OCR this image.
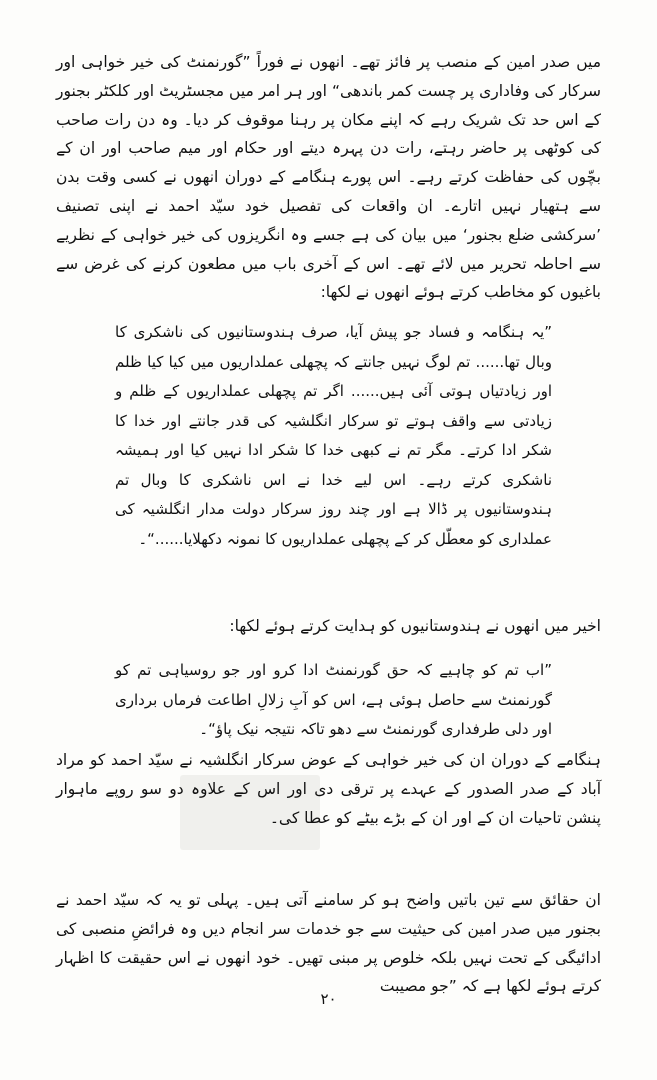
میں صدر امین کے منصب پر فائز تھے۔ انھوں نے فوراً ”گورنمنٹ کی خیر خواہی اور سرکار کی وفاداری پر چست کمر باندھی“ اور ہر امر میں مجسٹریٹ اور کلکٹر بجنور کے اس حد تک شریک رہے کہ اپنے مکان پر رہنا موقوف کر دیا۔ وہ دن رات صاحب کی کوٹھی پر حاضر رہتے، رات دن پہرہ دیتے اور حکام اور میم صاحب اور ان کے بچّوں کی حفاظت کرتے رہے۔ اس پورے ہنگامے کے دوران انھوں نے کسی وقت بدن سے ہتھیار نہیں اتارے۔ ان واقعات کی تفصیل خود سیّد احمد نے اپنی تصنیف ’سرکشی ضلع بجنور‘ میں بیان کی ہے جسے وہ انگریزوں کی خیر خواہی کے نظریے سے احاطہ تحریر میں لائے تھے۔ اس کے آخری باب میں مطعون کرنے کی غرض سے باغیوں کو مخاطب کرتے ہوئے انھوں نے لکھا:

”یہ ہنگامہ و فساد جو پیش آیا، صرف ہندوستانیوں کی ناشکری کا وبال تھا...... تم لوگ نہیں جانتے کہ پچھلی عملداریوں میں کیا کیا ظلم اور زیادتیاں ہوتی آئی ہیں...... اگر تم پچھلی عملداریوں کے ظلم و زیادتی سے واقف ہوتے تو سرکار انگلشیہ کی قدر جانتے اور خدا کا شکر ادا کرتے۔ مگر تم نے کبھی خدا کا شکر ادا نہیں کیا اور ہمیشہ ناشکری کرتے رہے۔ اس لیے خدا نے اس ناشکری کا وبال تم ہندوستانیوں پر ڈالا ہے اور چند روز سرکار دولت مدار انگلشیہ کی عملداری کو معطّل کر کے پچھلی عملداریوں کا نمونہ دکھلایا......“۔

اخیر میں انھوں نے ہندوستانیوں کو ہدایت کرتے ہوئے لکھا:

”اب تم کو چاہیے کہ حق گورنمنٹ ادا کرو اور جو روسیاہی تم کو گورنمنٹ سے حاصل ہوئی ہے، اس کو آبِ زلالِ اطاعت فرماں برداری اور دلی طرفداری گورنمنٹ سے دھو تاکہ نتیجہ نیک پاؤ“۔

ہنگامے کے دوران ان کی خیر خواہی کے عوض سرکار انگلشیہ نے سیّد احمد کو مراد آباد کے صدر الصدور کے عہدے پر ترقی دی اور اس کے علاوہ دو سو روپے ماہوار پنشن تاحیات ان کے اور ان کے بڑے بیٹے کو عطا کی۔

ان حقائق سے تین باتیں واضح ہو کر سامنے آتی ہیں۔ پہلی تو یہ کہ سیّد احمد نے بجنور میں صدر امین کی حیثیت سے جو خدمات سر انجام دیں وہ فرائضِ منصبی کی ادائیگی کے تحت نہیں بلکہ خلوص پر مبنی تھیں۔ خود انھوں نے اس حقیقت کا اظہار کرتے ہوئے لکھا ہے کہ ”جو مصیبت

٢٠
